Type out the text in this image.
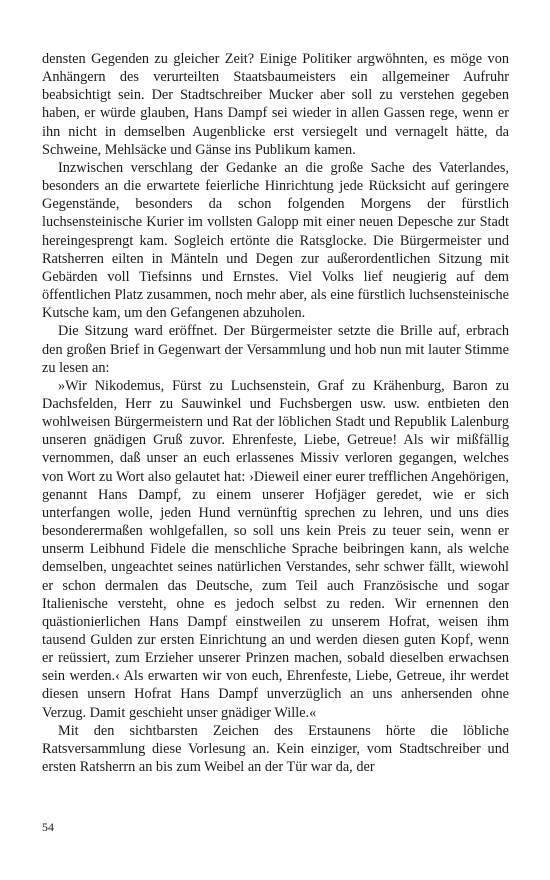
densten Gegenden zu gleicher Zeit? Einige Politiker argwöhnten, es möge von Anhängern des verurteilten Staatsbaumeisters ein allgemeiner Aufruhr beabsichtigt sein. Der Stadtschreiber Mucker aber soll zu verstehen gegeben haben, er würde glauben, Hans Dampf sei wieder in allen Gassen rege, wenn er ihn nicht in demselben Augenblicke erst versiegelt und vernagelt hätte, da Schweine, Mehlsäcke und Gänse ins Publikum kamen.

Inzwischen verschlang der Gedanke an die große Sache des Vaterlandes, besonders an die erwartete feierliche Hinrichtung jede Rücksicht auf geringere Gegenstände, besonders da schon folgenden Morgens der fürstlich luchsensteinische Kurier im vollsten Galopp mit einer neuen Depesche zur Stadt hereingesprengt kam. Sogleich ertönte die Ratsglocke. Die Bürgermeister und Ratsherren eilten in Mänteln und Degen zur außerordentlichen Sitzung mit Gebärden voll Tiefsinns und Ernstes. Viel Volks lief neugierig auf dem öffentlichen Platz zusammen, noch mehr aber, als eine fürstlich luchsensteinische Kutsche kam, um den Gefangenen abzuholen.

Die Sitzung ward eröffnet. Der Bürgermeister setzte die Brille auf, erbrach den großen Brief in Gegenwart der Versammlung und hob nun mit lauter Stimme zu lesen an:

»Wir Nikodemus, Fürst zu Luchsenstein, Graf zu Krähenburg, Baron zu Dachsfelden, Herr zu Sauwinkel und Fuchsbergen usw. usw. entbieten den wohlweisen Bürgermeistern und Rat der löblichen Stadt und Republik Lalenburg unseren gnädigen Gruß zuvor. Ehrenfeste, Liebe, Getreue! Als wir mißfällig vernommen, daß unser an euch erlassenes Missiv verloren gegangen, welches von Wort zu Wort also gelautet hat: ›Dieweil einer eurer trefflichen Angehörigen, genannt Hans Dampf, zu einem unserer Hofjäger geredet, wie er sich unterfangen wolle, jeden Hund vernünftig sprechen zu lehren, und uns dies besonderermaßen wohlgefallen, so soll uns kein Preis zu teuer sein, wenn er unserm Leibhund Fidele die menschliche Sprache beibringen kann, als welche demselben, ungeachtet seines natürlichen Verstandes, sehr schwer fällt, wiewohl er schon dermalen das Deutsche, zum Teil auch Französische und sogar Italienische versteht, ohne es jedoch selbst zu reden. Wir ernennen den quästionierlichen Hans Dampf einstweilen zu unserem Hofrat, weisen ihm tausend Gulden zur ersten Einrichtung an und werden diesen guten Kopf, wenn er reüssiert, zum Erzieher unserer Prinzen machen, sobald dieselben erwachsen sein werden.‹ Als erwarten wir von euch, Ehrenfeste, Liebe, Getreue, ihr werdet diesen unsern Hofrat Hans Dampf unverzüglich an uns anhersenden ohne Verzug. Damit geschieht unser gnädiger Wille.«

Mit den sichtbarsten Zeichen des Erstaunens hörte die löbliche Ratsversammlung diese Vorlesung an. Kein einziger, vom Stadtschreiber und ersten Ratsherrn an bis zum Weibel an der Tür war da, der

54
